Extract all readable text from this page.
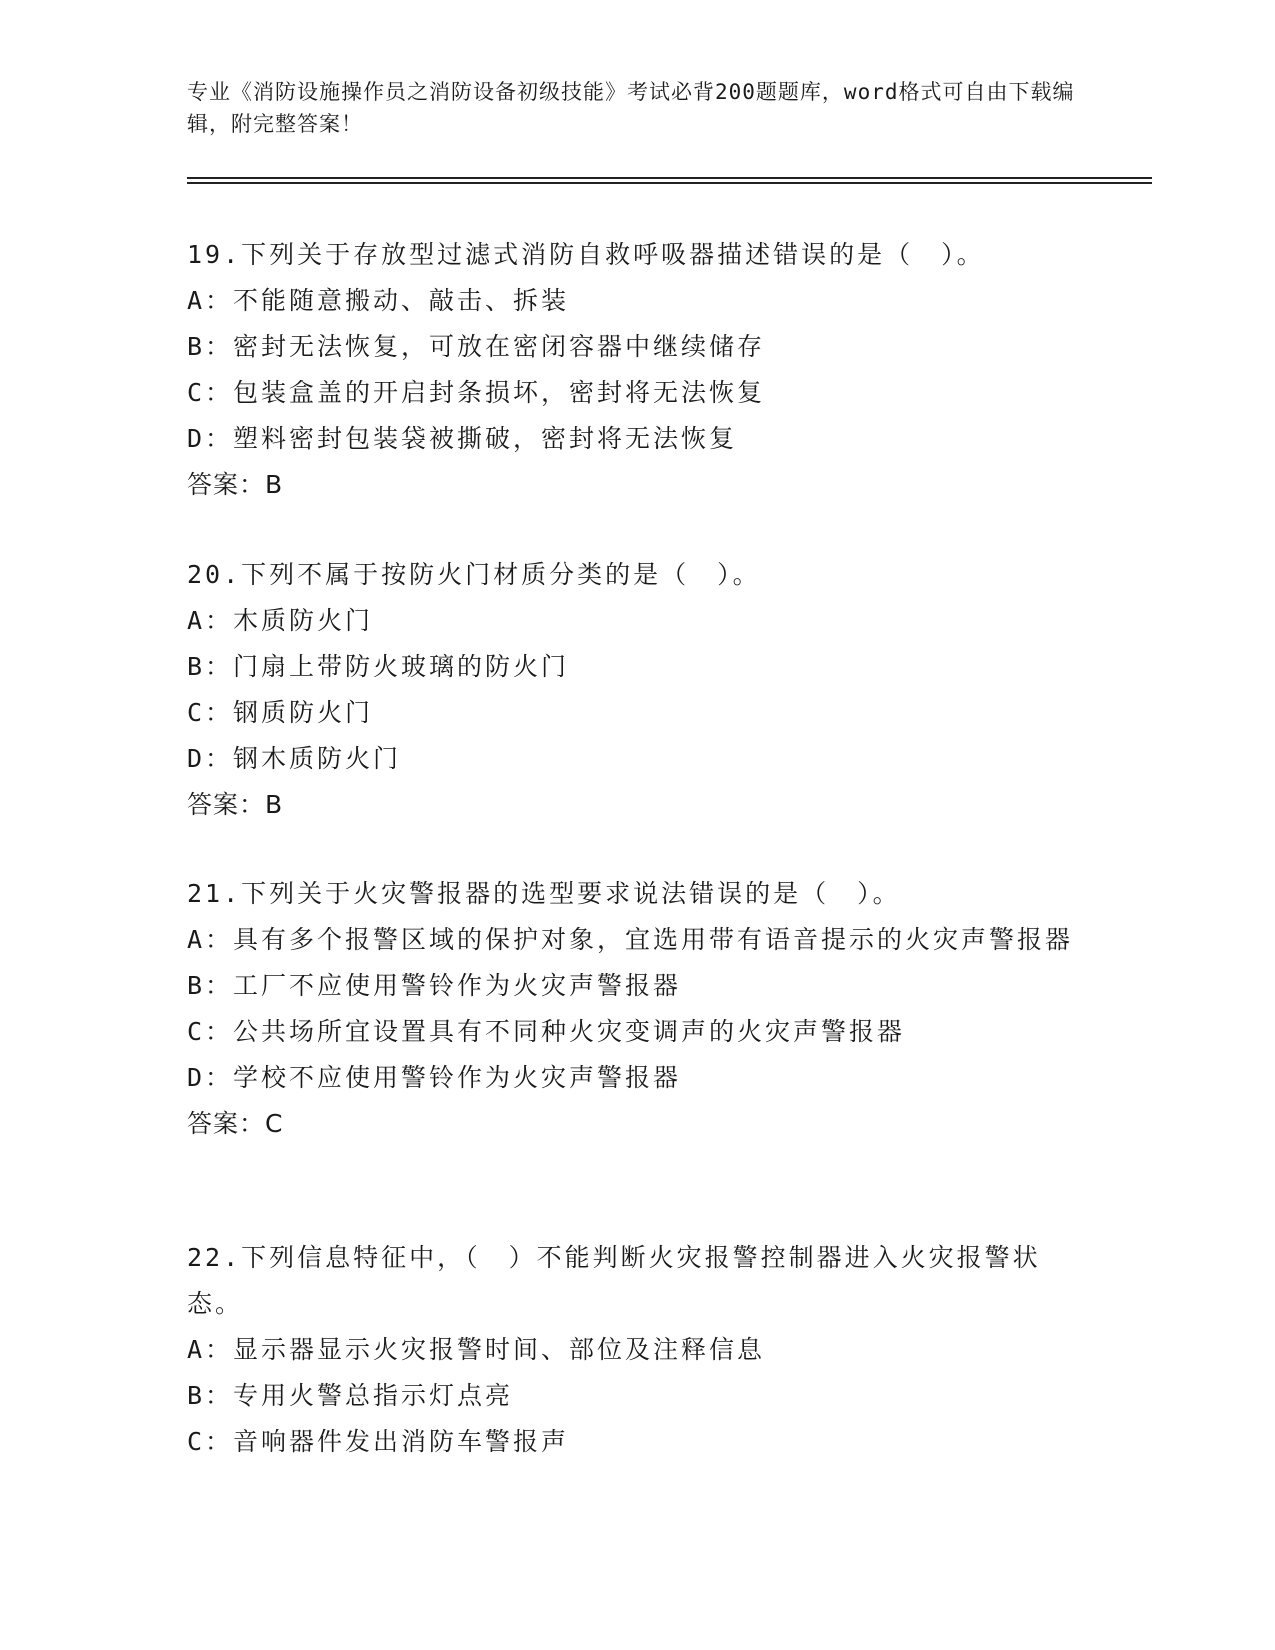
专业《消防设施操作员之消防设备初级技能》考试必背200题题库，word格式可自由下载编辑，附完整答案！
19.下列关于存放型过滤式消防自救呼吸器描述错误的是（　）。
A：不能随意搬动、敲击、拆装
B：密封无法恢复，可放在密闭容器中继续储存
C：包装盒盖的开启封条损坏，密封将无法恢复
D：塑料密封包装袋被撕破，密封将无法恢复
答案：B
20.下列不属于按防火门材质分类的是（　）。
A：木质防火门
B：门扇上带防火玻璃的防火门
C：钢质防火门
D：钢木质防火门
答案：B
21.下列关于火灾警报器的选型要求说法错误的是（　）。
A：具有多个报警区域的保护对象，宜选用带有语音提示的火灾声警报器
B：工厂不应使用警铃作为火灾声警报器
C：公共场所宜设置具有不同种火灾变调声的火灾声警报器
D：学校不应使用警铃作为火灾声警报器
答案：C
22.下列信息特征中，（　）不能判断火灾报警控制器进入火灾报警状态。
A：显示器显示火灾报警时间、部位及注释信息
B：专用火警总指示灯点亮
C：音响器件发出消防车警报声
